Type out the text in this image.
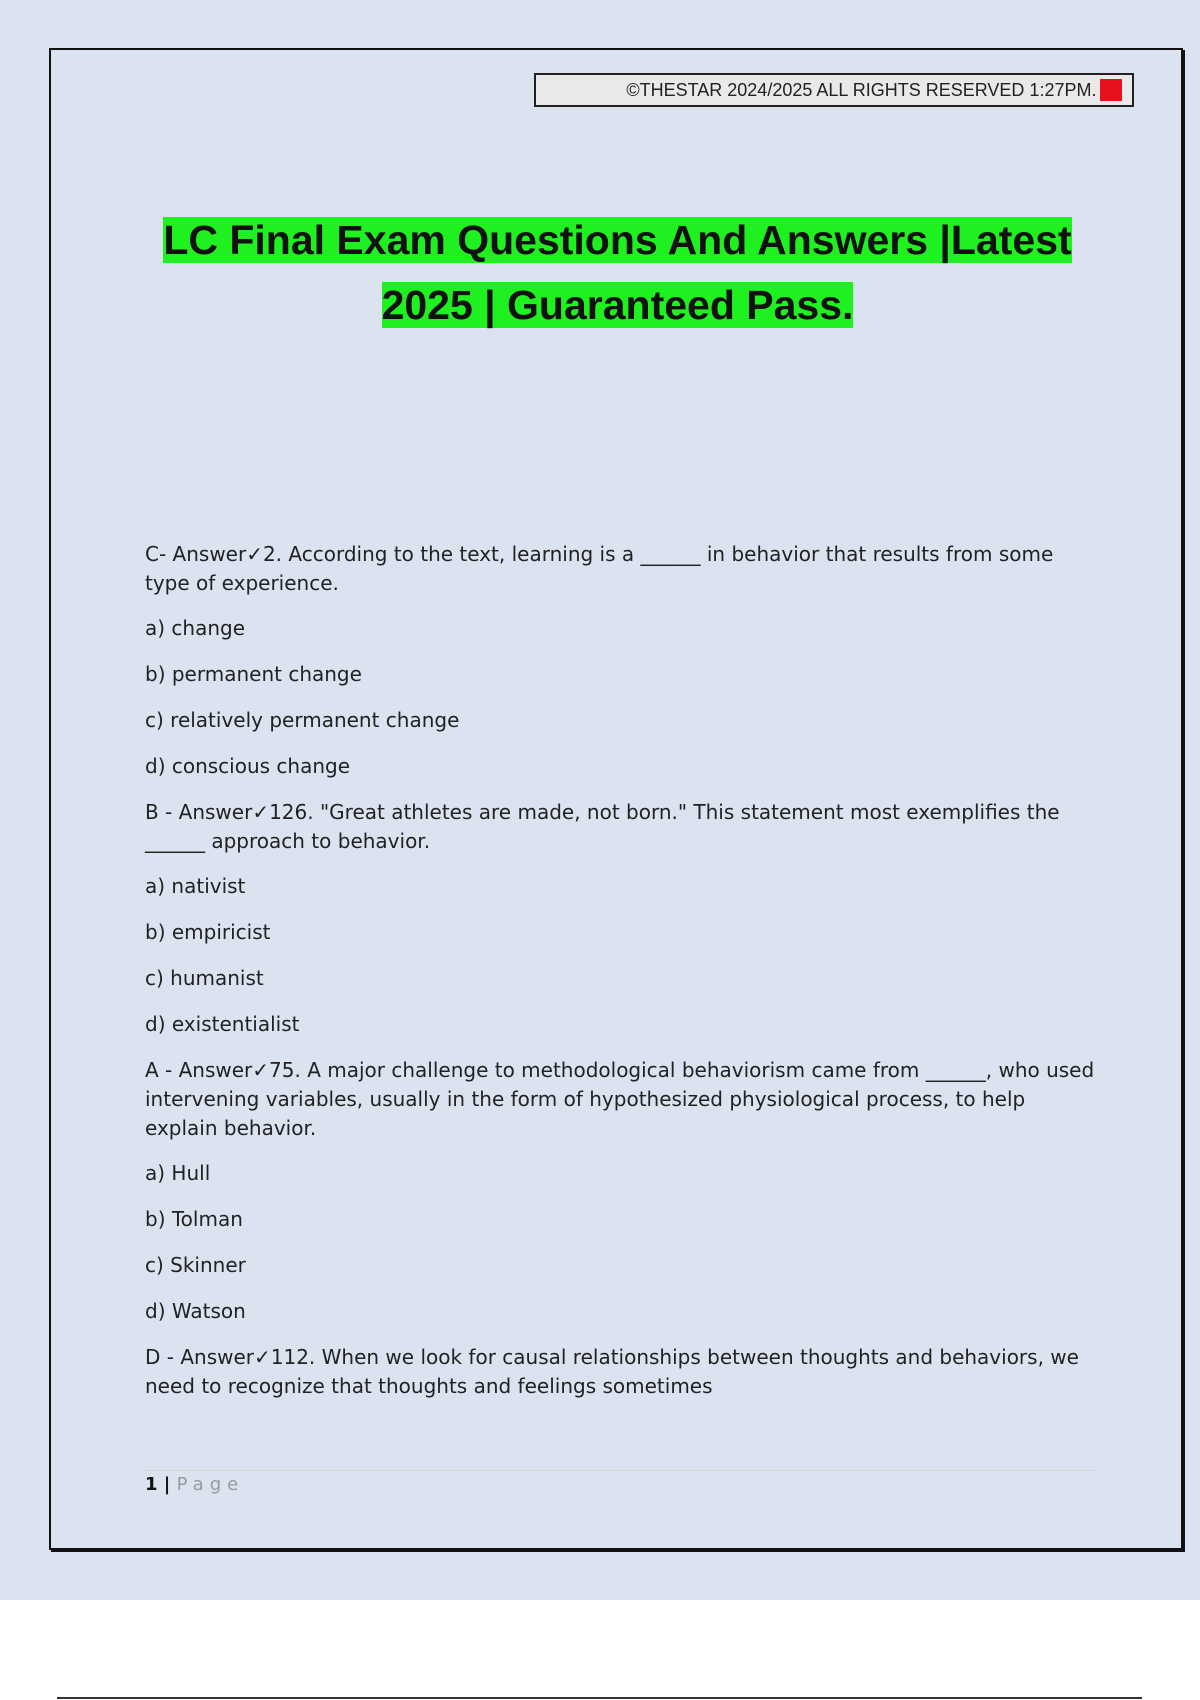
©THESTAR 2024/2025 ALL RIGHTS RESERVED 1:27PM. A+
LC Final Exam Questions And Answers |Latest
2025 | Guaranteed Pass.

C- Answer✓2. According to the text, learning is a ______ in behavior that results from some type of experience.

a) change

b) permanent change

c) relatively permanent change

d) conscious change

B - Answer✓126. "Great athletes are made, not born." This statement most exemplifies the ______ approach to behavior.

a) nativist

b) empiricist

c) humanist

d) existentialist

A - Answer✓75. A major challenge to methodological behaviorism came from ______, who used intervening variables, usually in the form of hypothesized physiological process, to help explain behavior.

a) Hull

b) Tolman

c) Skinner

d) Watson

D - Answer✓112. When we look for causal relationships between thoughts and behaviors, we need to recognize that thoughts and feelings sometimes

1 | Page
